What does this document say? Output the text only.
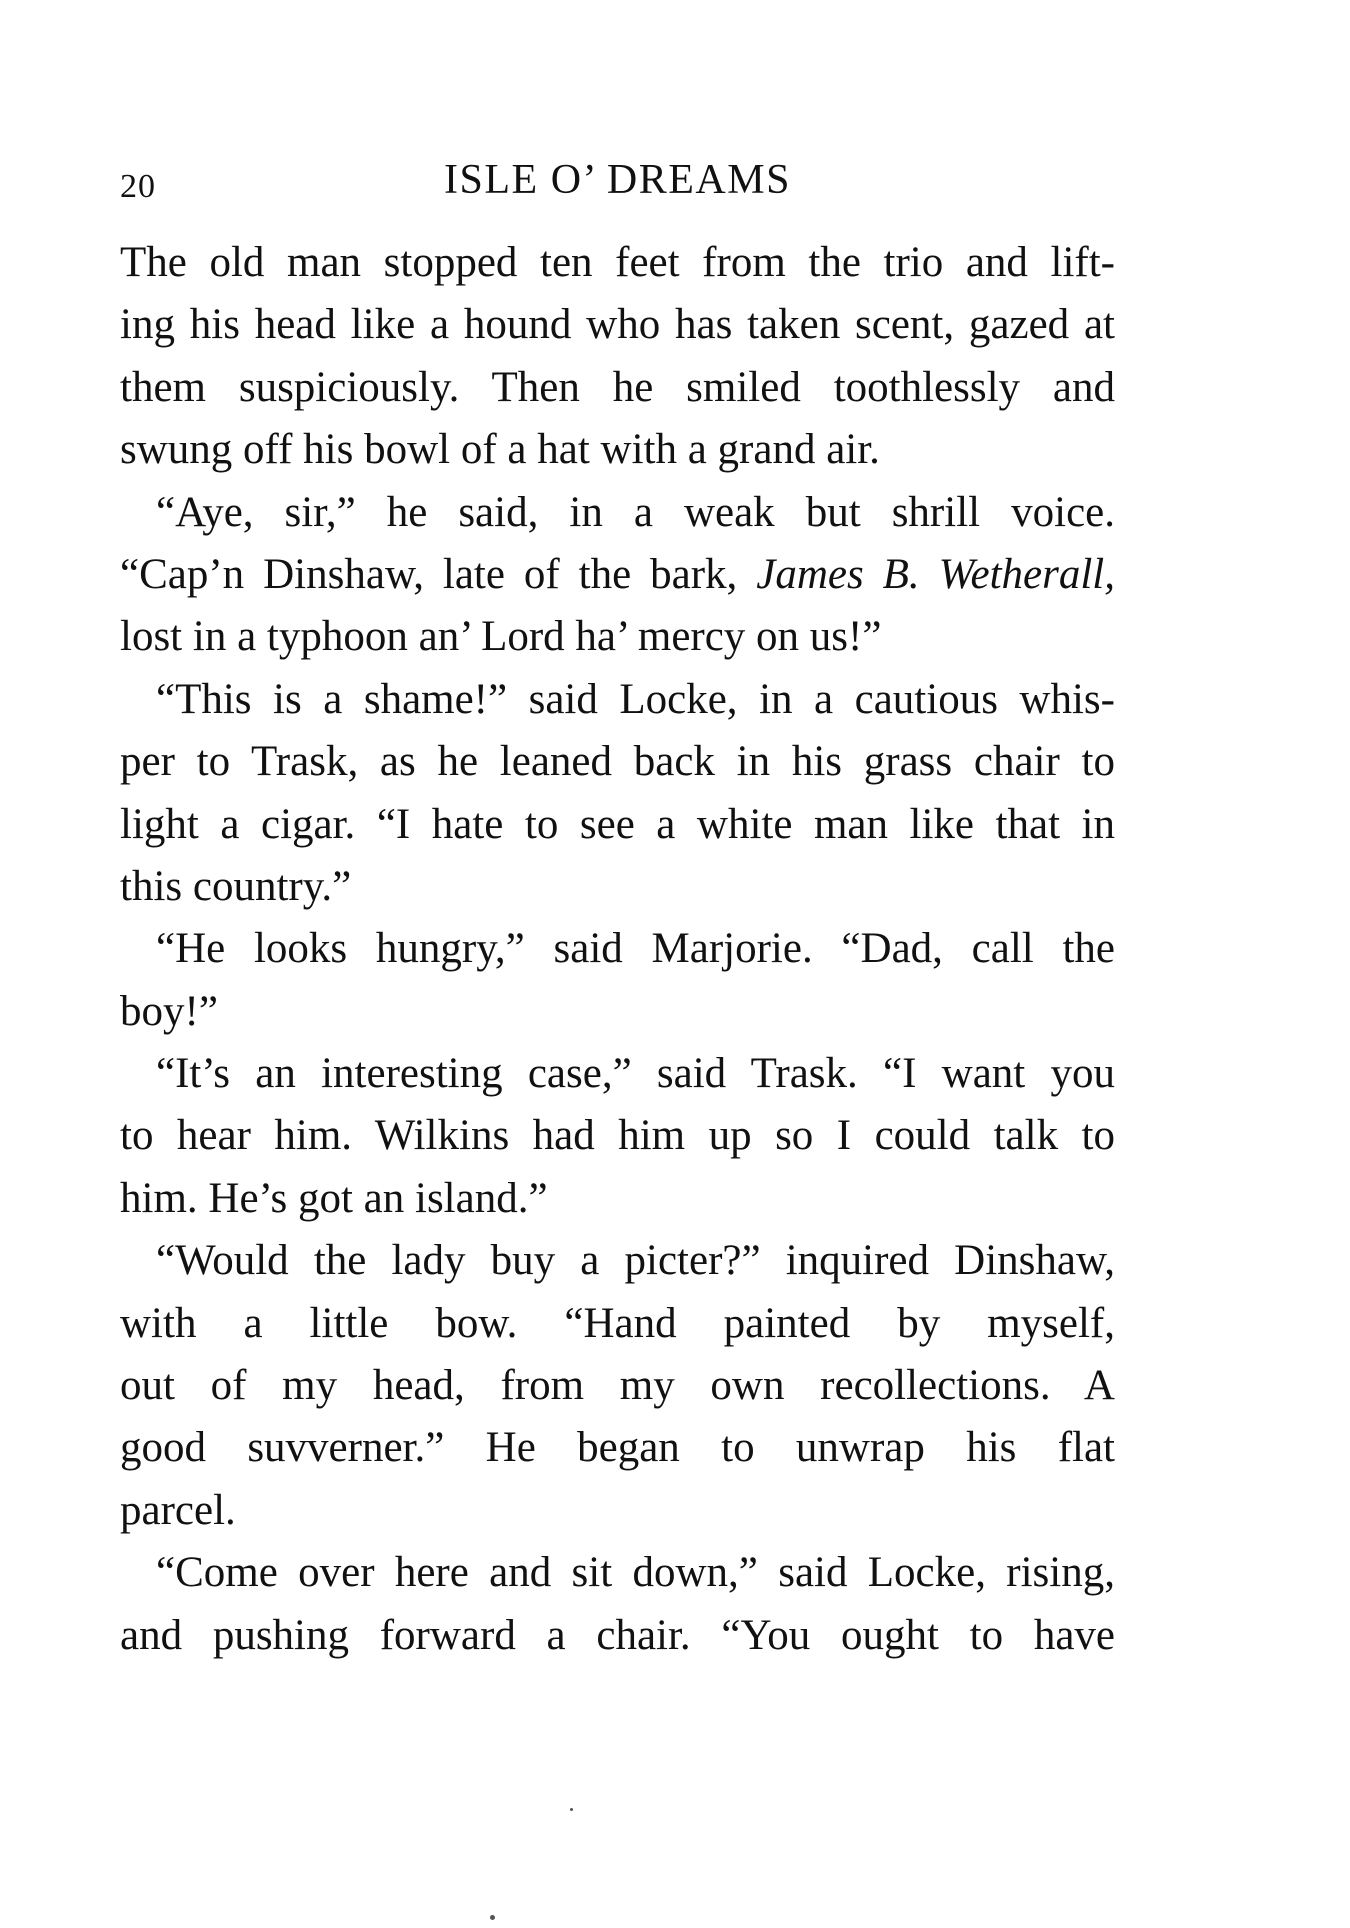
20	ISLE O’ DREAMS
The old man stopped ten feet from the trio and lift-
ing his head like a hound who has taken scent, gazed at
them suspiciously. Then he smiled toothlessly and
swung off his bowl of a hat with a grand air.
“Aye, sir,” he said, in a weak but shrill voice.
“Cap’n Dinshaw, late of the bark, James B. Wetherall,
lost in a typhoon an’ Lord ha’ mercy on us!”
“This is a shame!” said Locke, in a cautious whis-
per to Trask, as he leaned back in his grass chair to
light a cigar. “I hate to see a white man like that in
this country.”
“He looks hungry,” said Marjorie. “Dad, call the
boy!”
“It’s an interesting case,” said Trask. “I want you
to hear him. Wilkins had him up so I could talk to
him. He’s got an island.”
“Would the lady buy a picter?” inquired Dinshaw,
with a little bow. “Hand painted by myself,
out of my head, from my own recollections. A
good suvverner.” He began to unwrap his flat
parcel.
“Come over here and sit down,” said Locke, rising,
and pushing forward a chair. “You ought to have
